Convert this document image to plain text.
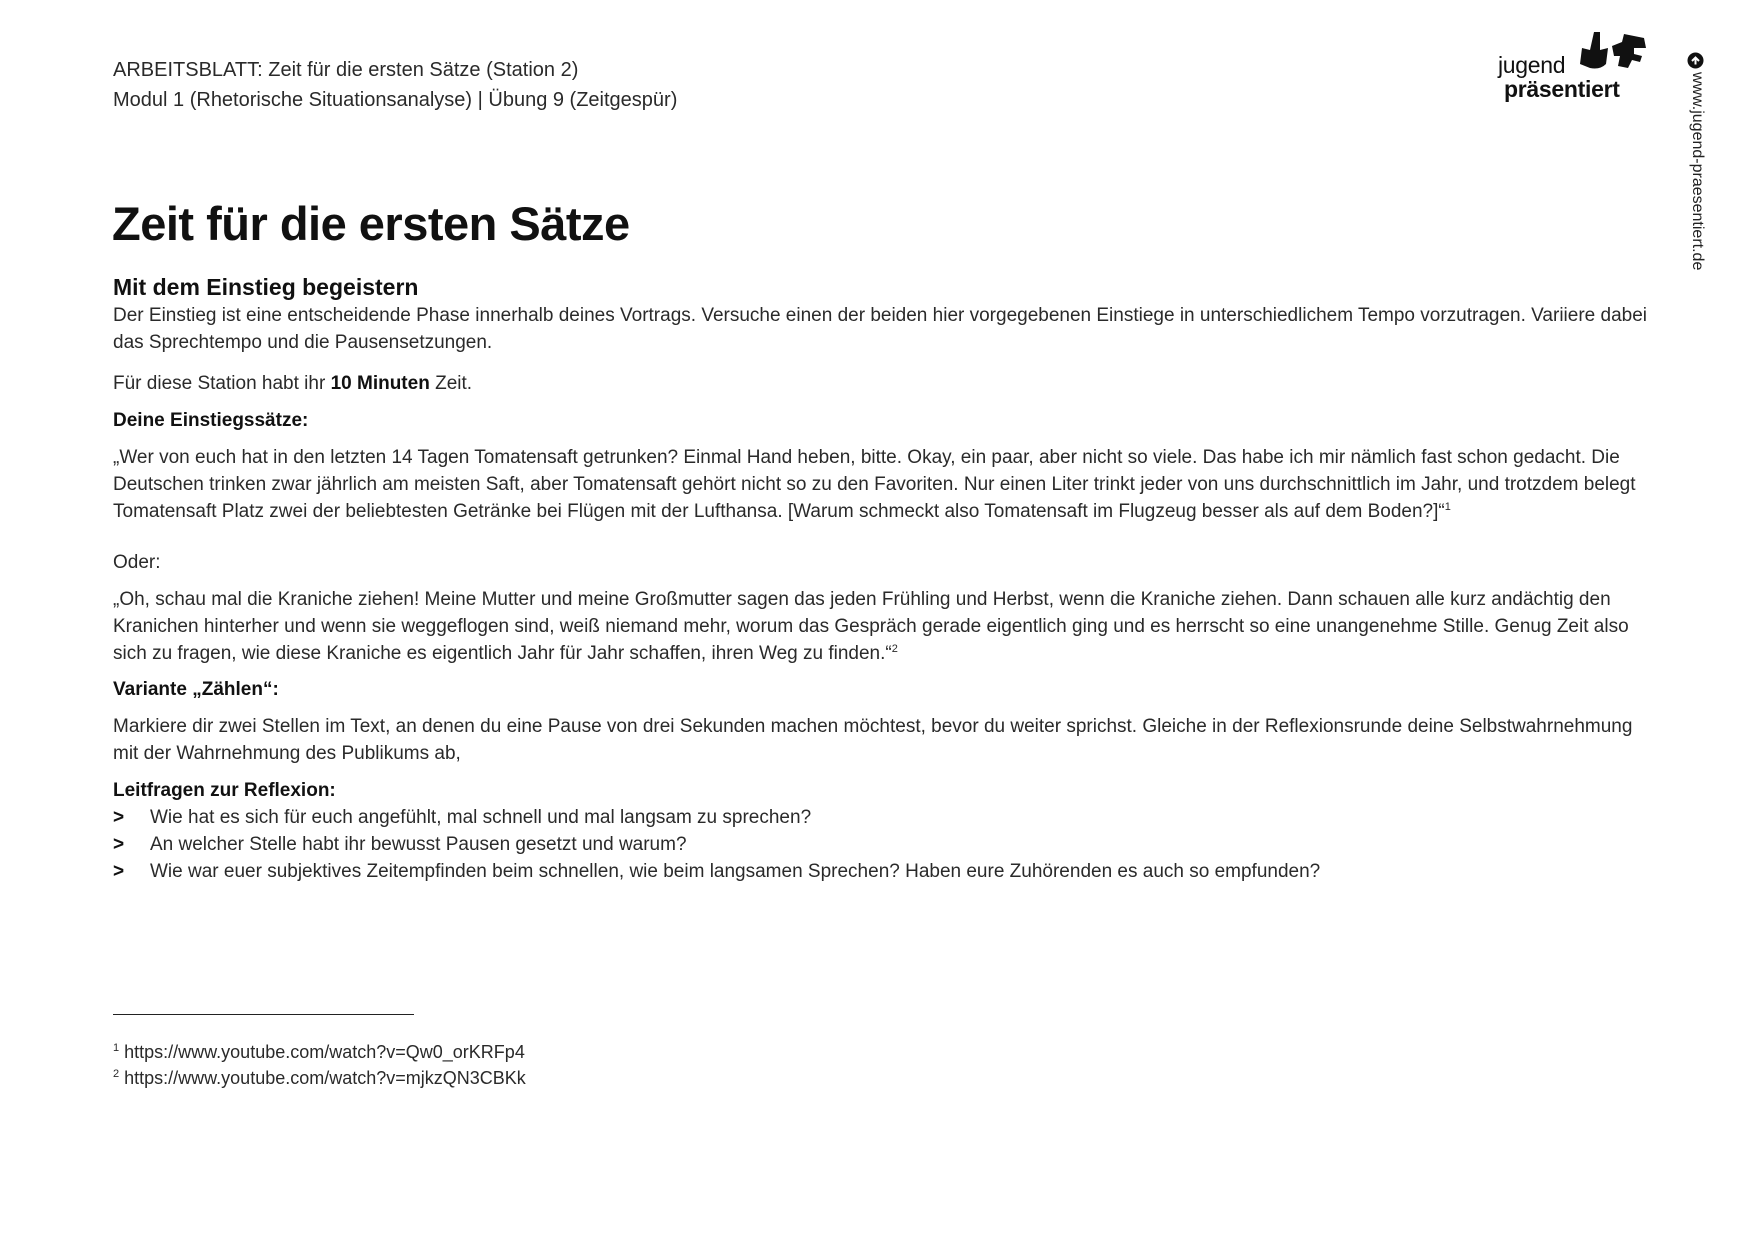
ARBEITSBLATT: Zeit für die ersten Sätze (Station 2)
Modul 1 (Rhetorische Situationsanalyse) | Übung 9 (Zeitgespür)
jugend
präsentiert	www.jugend-praesentiert.de
Zeit für die ersten Sätze

Mit dem Einstieg begeistern

Der Einstieg ist eine entscheidende Phase innerhalb deines Vortrags. Versuche einen der beiden hier vorgegebenen Einstiege in unterschiedlichem Tempo vorzutragen. Variiere dabei das Sprechtempo und die Pausensetzungen.

Für diese Station habt ihr 10 Minuten Zeit.

Deine Einstiegssätze:

„Wer von euch hat in den letzten 14 Tagen Tomatensaft getrunken? Einmal Hand heben, bitte. Okay, ein paar, aber nicht so viele. Das habe ich mir nämlich fast schon gedacht. Die Deutschen trinken zwar jährlich am meisten Saft, aber Tomatensaft gehört nicht so zu den Favoriten. Nur einen Liter trinkt jeder von uns durchschnittlich im Jahr, und trotzdem belegt Tomatensaft Platz zwei der beliebtesten Getränke bei Flügen mit der Lufthansa. [Warum schmeckt also Tomatensaft im Flugzeug besser als auf dem Boden?]“$^1$

Oder:

„Oh, schau mal die Kraniche ziehen! Meine Mutter und meine Großmutter sagen das jeden Frühling und Herbst, wenn die Kraniche ziehen. Dann schauen alle kurz andächtig den Kranichen hinterher und wenn sie weggeflogen sind, weiß niemand mehr, worum das Gespräch gerade eigentlich ging und es herrscht so eine unangenehme Stille. Genug Zeit also sich zu fragen, wie diese Kraniche es eigentlich Jahr für Jahr schaffen, ihren Weg zu finden.“$^2$

Variante „Zählen“:

Markiere dir zwei Stellen im Text, an denen du eine Pause von drei Sekunden machen möchtest, bevor du weiter sprichst. Gleiche in der Reflexionsrunde deine Selbstwahrnehmung mit der Wahrnehmung des Publikums ab,

Leitfragen zur Reflexion:

> Wie hat es sich für euch angefühlt, mal schnell und mal langsam zu sprechen?
> An welcher Stelle habt ihr bewusst Pausen gesetzt und warum?
> Wie war euer subjektives Zeitempfinden beim schnellen, wie beim langsamen Sprechen? Haben eure Zuhörenden es auch so empfunden?
$^1$ https://www.youtube.com/watch?v=Qw0_orKRFp4
$^2$ https://www.youtube.com/watch?v=mjkzQN3CBKk
